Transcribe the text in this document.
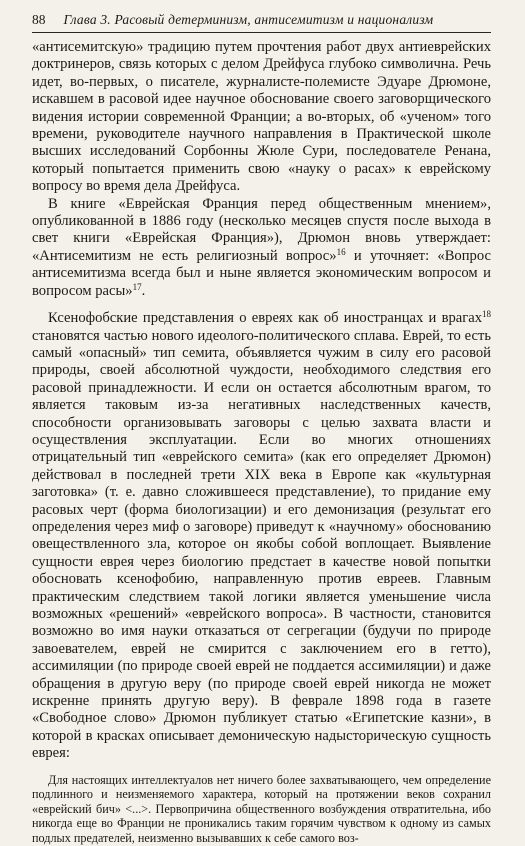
88 Глава 3. Расовый детерминизм, антисемитизм и национализм

«антисемитскую» традицию путем прочтения работ двух антиеврейских доктринеров, связь которых с делом Дрейфуса глубоко символична. Речь идет, во-первых, о писателе, журналисте-полемисте Эдуаре Дрюмоне, искавшем в расовой идее научное обоснование своего заговорщического видения истории современной Франции; а во-вторых, об «ученом» того времени, руководителе научного направления в Практической школе высших исследований Сорбонны Жюле Сури, последователе Ренана, который попытается применить свою «науку о расах» к еврейскому вопросу во время дела Дрейфуса.

В книге «Еврейская Франция перед общественным мнением», опубликованной в 1886 году (несколько месяцев спустя после выхода в свет книги «Еврейская Франция»), Дрюмон вновь утверждает: «Антисемитизм не есть религиозный вопрос»$^{16}$ и уточняет: «Вопрос антисемитизма всегда был и ныне является экономическим вопросом и вопросом расы»$^{17}$.

Ксенофобские представления о евреях как об иностранцах и врагах$^{18}$ становятся частью нового идеолого-политического сплава. Еврей, то есть самый «опасный» тип семита, объявляется чужим в силу его расовой природы, своей абсолютной чуждости, необходимого следствия его расовой принадлежности. И если он остается абсолютным врагом, то является таковым из-за негативных наследственных качеств, способности организовывать заговоры с целью захвата власти и осуществления эксплуатации. Если во многих отношениях отрицательный тип «еврейского семита» (как его определяет Дрюмон) действовал в последней трети XIX века в Европе как «культурная заготовка» (т. е. давно сложившееся представление), то придание ему расовых черт (форма биологизации) и его демонизация (результат его определения через миф о заговоре) приведут к «научному» обоснованию овеществленного зла, которое он якобы собой воплощает. Выявление сущности еврея через биологию предстает в качестве новой попытки обосновать ксенофобию, направленную против евреев. Главным практическим следствием такой логики является уменьшение числа возможных «решений» «еврейского вопроса». В частности, становится возможно во имя науки отказаться от сегрегации (будучи по природе завоевателем, еврей не смирится с заключением его в гетто), ассимиляции (по природе своей еврей не поддается ассимиляции) и даже обращения в другую веру (по природе своей еврей никогда не может искренне принять другую веру). В феврале 1898 года в газете «Свободное слово» Дрюмон публикует статью «Египетские казни», в которой в красках описывает демоническую надысторическую сущность еврея:

Для настоящих интеллектуалов нет ничего более захватывающего, чем определение подлинного и неизменяемого характера, который на протяжении веков сохранил «еврейский бич» <...>. Первопричина общественного возбуждения отвратительна, ибо никогда еще во Франции не проникались таким горячим чувством к одному из самых подлых предателей, неизменно вызывавших к себе самого воз-
